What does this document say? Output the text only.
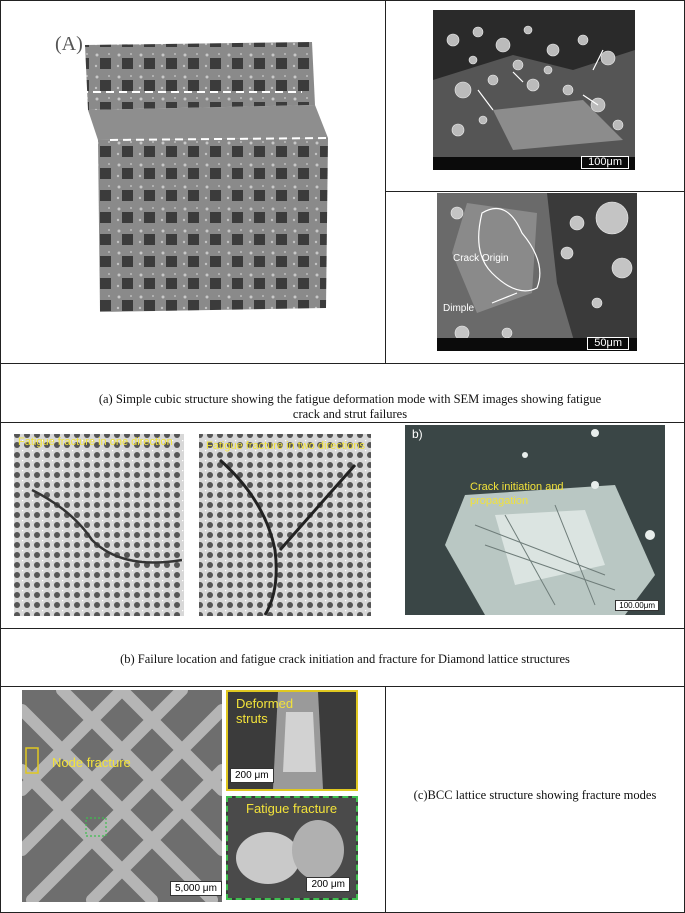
(A)
100μm
Crack Origin
Dimple
50μm
(a) Simple cubic structure showing the fatigue deformation mode with SEM images showing fatigue crack and strut failures
Fatigue fracture in one direction	Fatigue fracture in two directions
100.00μm
b)
Crack initiation and propagation
(b) Failure location and fatigue crack initiation and fracture for Diamond lattice structures
5,000 μm
Node fracture
200 μm
Deformed struts
200 μm
Fatigue fracture
(c)BCC lattice structure showing fracture modes
